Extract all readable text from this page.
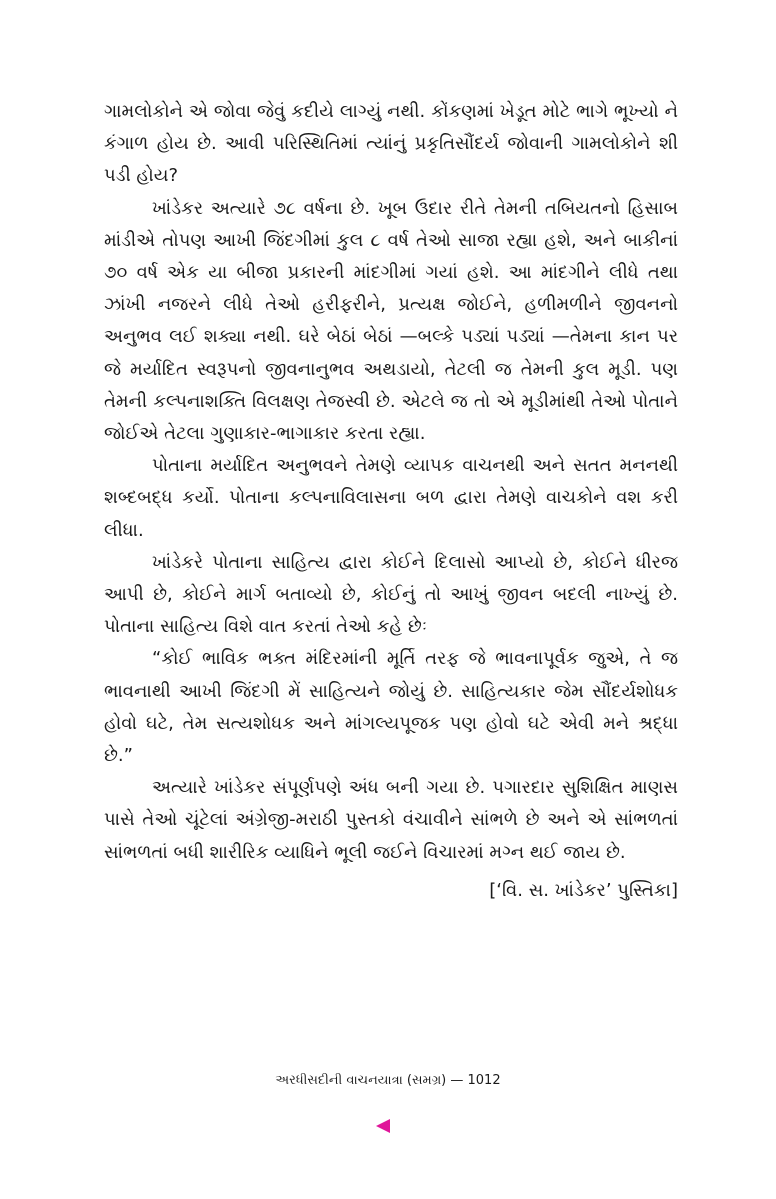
ગામલોકોને એ જોવા જેવું કદીયે લાગ્યું નથી. કોંકણમાં ખેડૂત મોટે ભાગે ભૂખ્યો ને કંગાળ હોય છે. આવી પરિસ્થિતિમાં ત્યાંનું પ્રકૃતિસૌંદર્ય જોવાની ગામલોકોને શી પડી હોય?

ખાંડેકર અત્યારે ૭૮ વર્ષના છે. ખૂબ ઉદાર રીતે તેમની તબિયતનો હિસાબ માંડીએ તોપણ આખી જિંદગીમાં કુલ ૮ વર્ષ તેઓ સાજા રહ્યા હશે, અને બાકીનાં ૭૦ વર્ષ એક યા બીજા પ્રકારની માંદગીમાં ગયાં હશે. આ માંદગીને લીધે તથા ઝાંખી નજરને લીધે તેઓ હરીફરીને, પ્રત્યક્ષ જોઈને, હળીમળીને જીવનનો અનુભવ લઈ શક્યા નથી. ઘરે બેઠાં બેઠાં —બલ્કે પડ્યાં પડ્યાં —તેમના કાન પર જે મર્યાદિત સ્વરૂપનો જીવનાનુભવ અથડાયો, તેટલી જ તેમની કુલ મૂડી. પણ તેમની કલ્પનાશક્તિ વિલક્ષણ તેજસ્વી છે. એટલે જ તો એ મૂડીમાંથી તેઓ પોતાને જોઈએ તેટલા ગુણાકાર-ભાગાકાર કરતા રહ્યા.

પોતાના મર્યાદિત અનુભવને તેમણે વ્યાપક વાચનથી અને સતત મનનથી શબ્દબદ્ધ કર્યો. પોતાના કલ્પનાવિલાસના બળ દ્વારા તેમણે વાચકોને વશ કરી લીધા.

ખાંડેકરે પોતાના સાહિત્ય દ્વારા કોઈને દિલાસો આપ્યો છે, કોઈને ધીરજ આપી છે, કોઈને માર્ગ બતાવ્યો છે, કોઈનું તો આખું જીવન બદલી નાખ્યું છે. પોતાના સાહિત્ય વિશે વાત કરતાં તેઓ કહે છેઃ

“કોઈ ભાવિક ભક્ત મંદિરમાંની મૂર્તિ તરફ જે ભાવનાપૂર્વક જુએ, તે જ ભાવનાથી આખી જિંદગી મેં સાહિત્યને જોયું છે. સાહિત્યકાર જેમ સૌંદર્યશોધક હોવો ઘટે, તેમ સત્યશોધક અને માંગલ્યપૂજક પણ હોવો ઘટે એવી મને શ્રદ્ધા છે.”

અત્યારે ખાંડેકર સંપૂર્ણપણે અંધ બની ગયા છે. પગારદાર સુશિક્ષિત માણસ પાસે તેઓ ચૂંટેલાં અંગ્રેજી-મરાઠી પુસ્તકો વંચાવીને સાંભળે છે અને એ સાંભળતાં સાંભળતાં બધી શારીરિક વ્યાધિને ભૂલી જઈને વિચારમાં મગ્ન થઈ જાય છે.

[‘વિ. સ. ખાંડેકર’ પુસ્તિકા]

અરધીસદીની વાચનયાત્રા (સમગ્ર) — 1012
